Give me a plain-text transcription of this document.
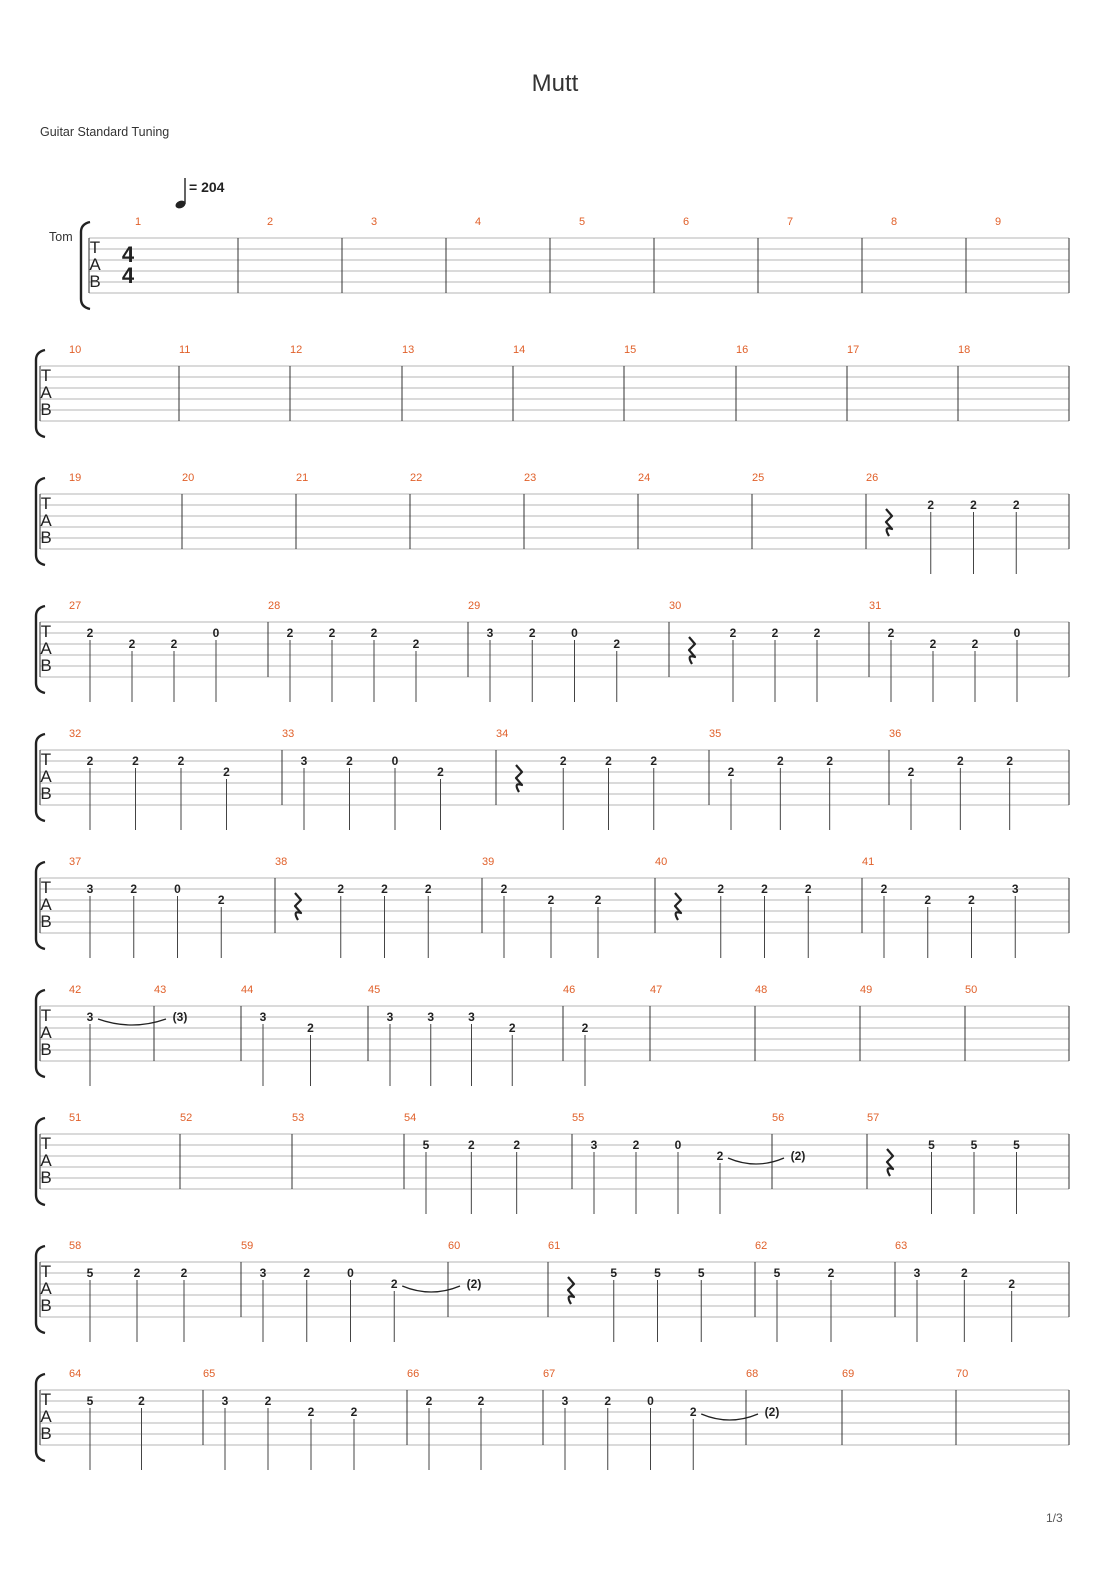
Mutt
Guitar Standard Tuning
= 204
T
A
B
Tom
4
4
1	2	3	4	5	6	7	8	9
T
A
B
10	11	12	13	14	15	16	17	18
T
A
B
19	20	21	22	23	24	25	26
2	2	2
T
A
B
27
2
2	2
0
28
2	2	2
2
29
3	2	0
2
30
2	2	2
31
2
2	2
0
T
A
B
32
2	2	2
2
33
3	2	0
2
34
2	2	2
35
2
2	2
36
2
2	2
T
A
B
37
3	2	0
2
38
2	2	2
39
2
2	2
40
2	2	2
41
2
2	2
3
T
A
B
42
3
43
(3)
44
3
2
45
3	3	3
2
46
2
47	48	49	50
T
A
B
51	52	53	54
5	2	2
55
3	2	0
2
56
(2)
57
5	5	5
T
A
B
58
5	2	2
59
3	2	0
2
60
(2)
61
5	5	5
62
5	2
63
3	2
2
T
A
B
64
5	2
65
3	2
2	2
66
2	2
67
3	2	0
2
68
(2)
69	70
1/3
